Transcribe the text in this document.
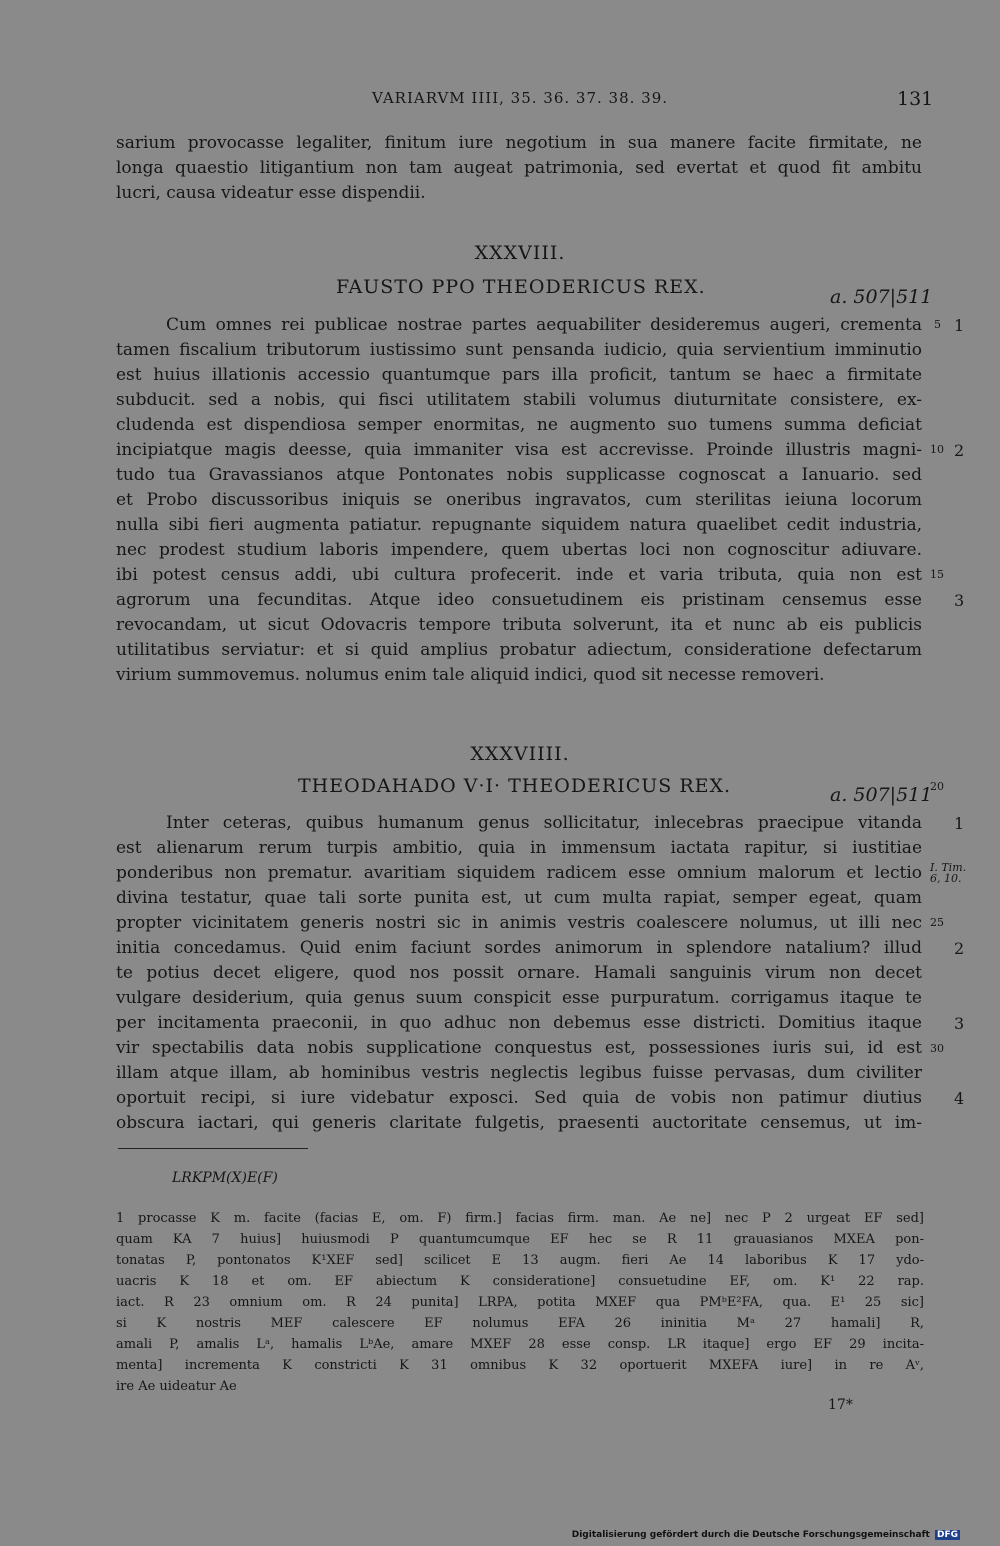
VARIARVM IIII, 35. 36. 37. 38. 39.	131
sarium provocasse legaliter, finitum iure negotium in sua manere facite firmitate, ne
longa quaestio litigantium non tam augeat patrimonia, sed evertat et quod fit ambitu
lucri, causa videatur esse dispendii.
XXXVIII.
FAUSTO PPO THEODERICUS REX.	a. 507|511
Cum omnes rei publicae nostrae partes aequabiliter desideremus augeri, crementa
tamen fiscalium tributorum iustissimo sunt pensanda iudicio, quia servientium imminutio
est huius illationis accessio quantumque pars illa proficit, tantum se haec a firmitate
subducit. sed a nobis, qui fisci utilitatem stabili volumus diuturnitate consistere, ex-
cludenda est dispendiosa semper enormitas, ne augmento suo tumens summa deficiat
incipiatque magis deesse, quia immaniter visa est accrevisse. Proinde illustris magni-
tudo tua Gravassianos atque Pontonates nobis supplicasse cognoscat a Ianuario. sed
et Probo discussoribus iniquis se oneribus ingravatos, cum sterilitas ieiuna locorum
nulla sibi fieri augmenta patiatur. repugnante siquidem natura quaelibet cedit industria,
nec prodest studium laboris impendere, quem ubertas loci non cognoscitur adiuvare.
ibi potest census addi, ubi cultura profecerit. inde et varia tributa, quia non est
agrorum una fecunditas. Atque ideo consuetudinem eis pristinam censemus esse
revocandam, ut sicut Odovacris tempore tributa solverunt, ita et nunc ab eis publicis
utilitatibus serviatur: et si quid amplius probatur adiectum, consideratione defectarum
virium summovemus. nolumus enim tale aliquid indici, quod sit necesse removeri.
5 1
10 2
15
3
XXXVIIII.
THEODAHADO V·I· THEODERICUS REX.	a. 507|511
Inter ceteras, quibus humanum genus sollicitatur, inlecebras praecipue vitanda
est alienarum rerum turpis ambitio, quia in immensum iactata rapitur, si iustitiae
ponderibus non prematur. avaritiam siquidem radicem esse omnium malorum et lectio
divina testatur, quae tali sorte punita est, ut cum multa rapiat, semper egeat, quam
propter vicinitatem generis nostri sic in animis vestris coalescere nolumus, ut illi nec
initia concedamus. Quid enim faciunt sordes animorum in splendore natalium? illud
te potius decet eligere, quod nos possit ornare. Hamali sanguinis virum non decet
vulgare desiderium, quia genus suum conspicit esse purpuratum. corrigamus itaque te
per incitamenta praeconii, in quo adhuc non debemus esse districti. Domitius itaque
vir spectabilis data nobis supplicatione conquestus est, possessiones iuris sui, id est
illam atque illam, ab hominibus vestris neglectis legibus fuisse pervasas, dum civiliter
oportuit recipi, si iure videbatur exposci. Sed quia de vobis non patimur diutius
obscura iactari, qui generis claritate fulgetis, praesenti auctoritate censemus, ut im-
20
1
I. Tim. 6, 10.
25
2
3
30
4
LRKPM(X)E(F)
1 procasse K m. facite (facias E, om. F) firm.] facias firm. man. Ae ne] nec P 2 urgeat EF sed]
quam KA 7 huius] huiusmodi P quantumcumque EF hec se R 11 grauasianos MXEA pon-
tonatas P, pontonatos K¹XEF sed] scilicet E 13 augm. fieri Ae 14 laboribus K 17 ydo-
uacris K 18 et om. EF abiectum K consideratione] consuetudine EF, om. K¹ 22 rap.
iact. R 23 omnium om. R 24 punita] LRPA, potita MXEF qua PMᵇE²FA, qua. E¹ 25 sic]
si K nostris MEF calescere EF nolumus EFA 26 ininitia Mᵃ 27 hamali] R,
amali P, amalis Lᵃ, hamalis LᵇAe, amare MXEF 28 esse consp. LR itaque] ergo EF 29 incita-
menta] incrementa K constricti K 31 omnibus K 32 oportuerit MXEFA iure] in re Aᵛ,
ire Ae uideatur Ae
17*
Digitalisierung gefördert durch die Deutsche Forschungsgemeinschaft DFG
